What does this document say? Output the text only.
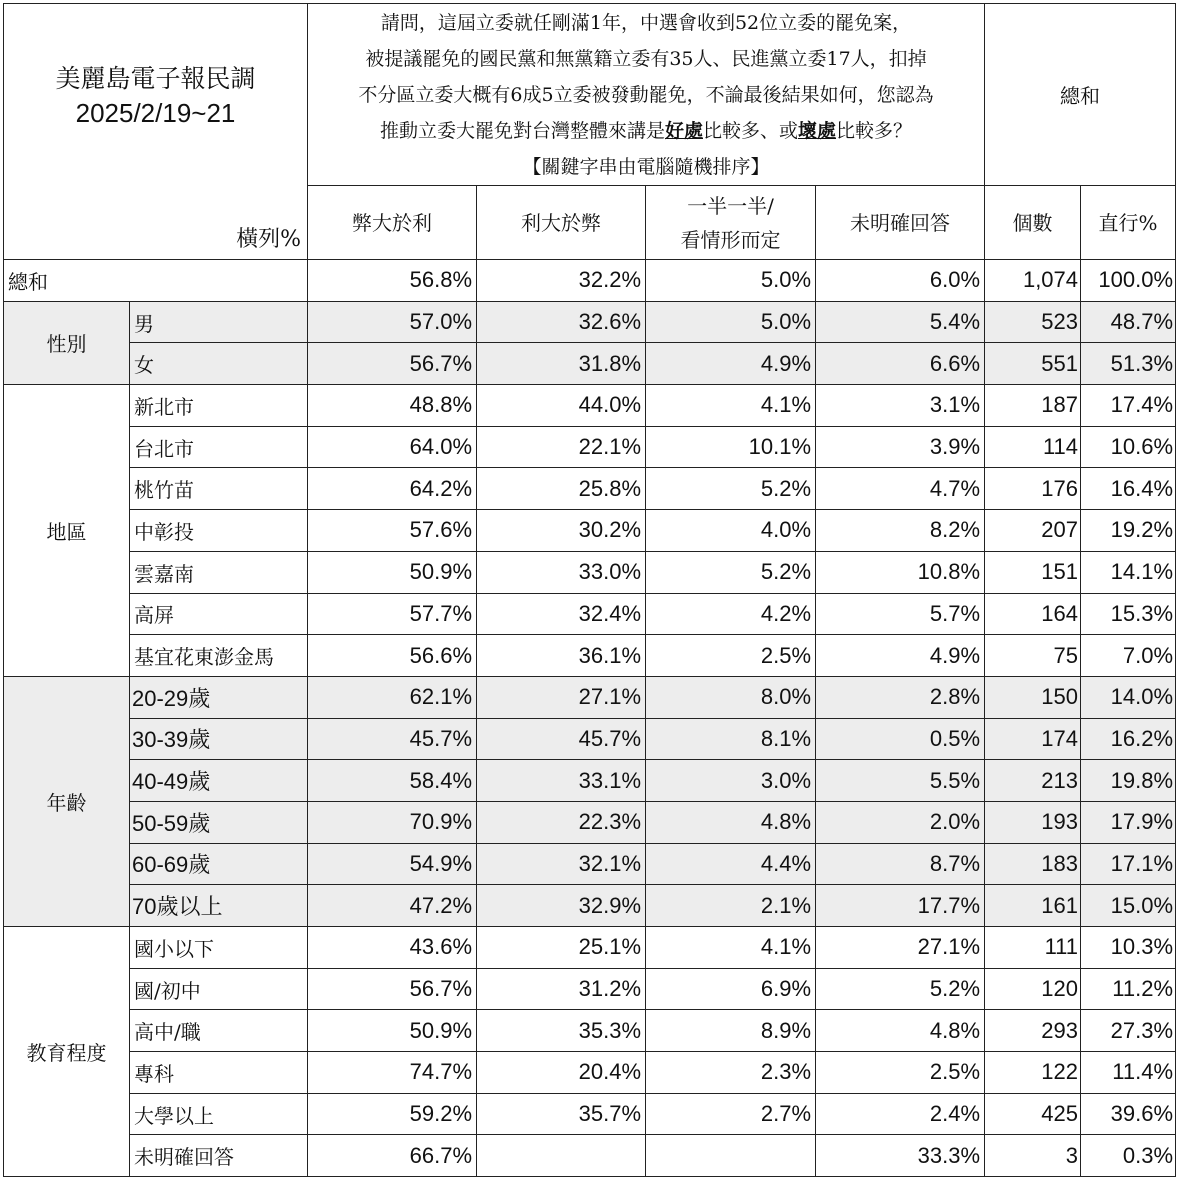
美麗島電子報民調
2025/2/19~21
橫列%		請問，這屆立委就任剛滿1年，中選會收到52位立委的罷免案，
被提議罷免的國民黨和無黨籍立委有35人、民進黨立委17人，扣掉
不分區立委大概有6成5立委被發動罷免，不論最後結果如何，您認為
推動立委大罷免對台灣整體來講是好處比較多、或壞處比較多？
【關鍵字串由電腦隨機排序】				總和	
		弊大於利	利大於弊	一半一半/
看情形而定	未明確回答	個數	直行%
總和		56.8%	32.2%	5.0%	6.0%	1,074	100.0%
性別	男	57.0%	32.6%	5.0%	5.4%	523	48.7%
	女	56.7%	31.8%	4.9%	6.6%	551	51.3%
地區	新北市	48.8%	44.0%	4.1%	3.1%	187	17.4%
	台北市	64.0%	22.1%	10.1%	3.9%	114	10.6%
	桃竹苗	64.2%	25.8%	5.2%	4.7%	176	16.4%
	中彰投	57.6%	30.2%	4.0%	8.2%	207	19.2%
	雲嘉南	50.9%	33.0%	5.2%	10.8%	151	14.1%
	高屏	57.7%	32.4%	4.2%	5.7%	164	15.3%
	基宜花東澎金馬	56.6%	36.1%	2.5%	4.9%	75	7.0%
年齡	20-29歲	62.1%	27.1%	8.0%	2.8%	150	14.0%
	30-39歲	45.7%	45.7%	8.1%	0.5%	174	16.2%
	40-49歲	58.4%	33.1%	3.0%	5.5%	213	19.8%
	50-59歲	70.9%	22.3%	4.8%	2.0%	193	17.9%
	60-69歲	54.9%	32.1%	4.4%	8.7%	183	17.1%
	70歲以上	47.2%	32.9%	2.1%	17.7%	161	15.0%
教育程度	國小以下	43.6%	25.1%	4.1%	27.1%	111	10.3%
	國/初中	56.7%	31.2%	6.9%	5.2%	120	11.2%
	高中/職	50.9%	35.3%	8.9%	4.8%	293	27.3%
	專科	74.7%	20.4%	2.3%	2.5%	122	11.4%
	大學以上	59.2%	35.7%	2.7%	2.4%	425	39.6%
	未明確回答	66.7%			33.3%	3	0.3%
